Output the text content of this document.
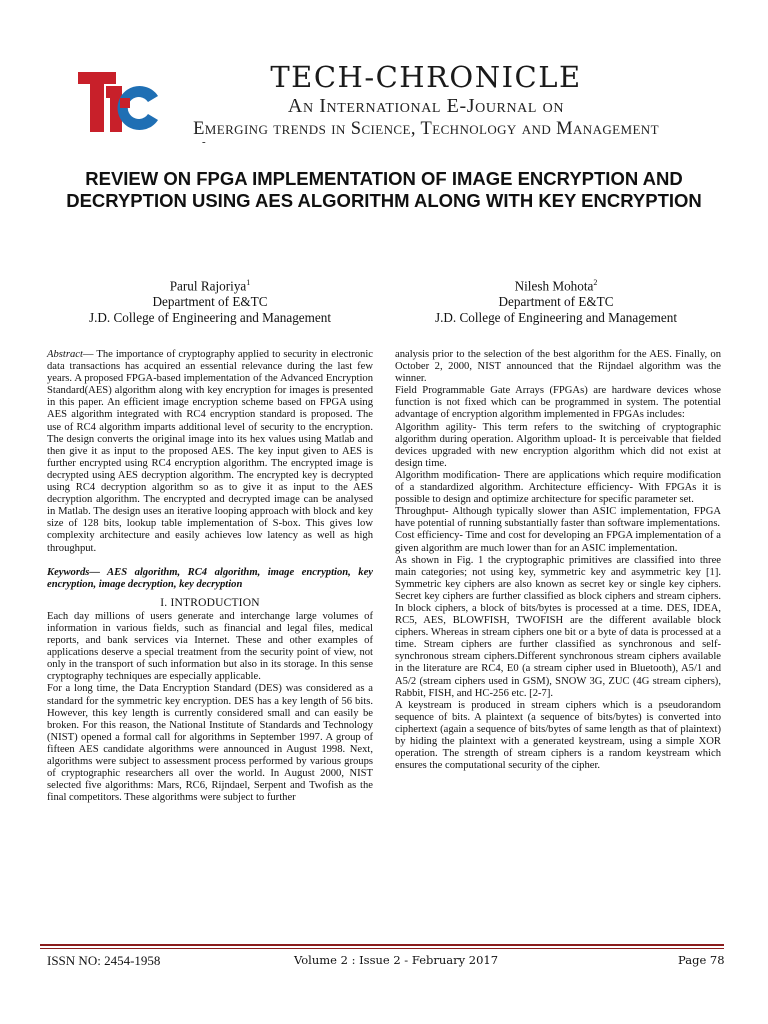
TECH-CHRONICLE
An International E-Journal on
Emerging trends in Science, Technology and Management
-
REVIEW ON FPGA IMPLEMENTATION OF IMAGE ENCRYPTION AND DECRYPTION USING AES ALGORITHM ALONG WITH KEY ENCRYPTION
Parul Rajoriya$^1$
Department of E&TC
J.D. College of Engineering and Management
Nilesh Mohota$^2$
Department of E&TC
J.D. College of Engineering and Management

Abstract— The importance of cryptography applied to security in electronic data transactions has acquired an essential relevance during the last few years. A proposed FPGA-based implementation of the Advanced Encryption Standard(AES) algorithm along with key encryption for images is presented in this paper. An efficient image encryption scheme based on FPGA using AES algorithm integrated with RC4 encryption standard is proposed. The use of RC4 algorithm imparts additional level of security to the encryption. The design converts the original image into its hex values using Matlab and then give it as input to the proposed AES. The key input given to AES is further encrypted using RC4 encryption algorithm. The encrypted image is decrypted using AES decryption algorithm. The encrypted key is decrypted using RC4 decryption algorithm so as to give it as input to the AES decryption algorithm. The encrypted and decrypted image can be analysed in Matlab. The design uses an iterative looping approach with block and key size of 128 bits, lookup table implementation of S-box. This gives low complexity architecture and easily achieves low latency as well as high throughput.

Keywords— AES algorithm, RC4 algorithm, image encryption, key encryption, image decryption, key decryption

I. INTRODUCTION

Each day millions of users generate and interchange large volumes of information in various fields, such as financial and legal files, medical reports, and bank services via Internet. These and other examples of applications deserve a special treatment from the security point of view, not only in the transport of such information but also in its storage. In this sense cryptography techniques are especially applicable.

For a long time, the Data Encryption Standard (DES) was considered as a standard for the symmetric key encryption. DES has a key length of 56 bits. However, this key length is currently considered small and can easily be broken. For this reason, the National Institute of Standards and Technology (NIST) opened a formal call for algorithms in September 1997. A group of fifteen AES candidate algorithms were announced in August 1998. Next, algorithms were subject to assessment process performed by various groups of cryptographic researchers all over the world. In August 2000, NIST selected five algorithms: Mars, RC6, Rijndael, Serpent and Twofish as the final competitors. These algorithms were subject to further

analysis prior to the selection of the best algorithm for the AES. Finally, on October 2, 2000, NIST announced that the Rijndael algorithm was the winner.

Field Programmable Gate Arrays (FPGAs) are hardware devices whose function is not fixed which can be programmed in system. The potential advantage of encryption algorithm implemented in FPGAs includes:

Algorithm agility- This term refers to the switching of cryptographic algorithm during operation. Algorithm upload- It is perceivable that fielded devices upgraded with new encryption algorithm which did not exist at design time.

Algorithm modification- There are applications which require modification of a standardized algorithm. Architecture efficiency- With FPGAs it is possible to design and optimize architecture for specific parameter set.

Throughput- Although typically slower than ASIC implementation, FPGA have potential of running substantially faster than software implementations.

Cost efficiency- Time and cost for developing an FPGA implementation of a given algorithm are much lower than for an ASIC implementation.

As shown in Fig. 1 the cryptographic primitives are classified into three main categories; not using key, symmetric key and asymmetric key [1]. Symmetric key ciphers are also known as secret key or single key ciphers. Secret key ciphers are further classified as block ciphers and stream ciphers. In block ciphers, a block of bits/bytes is processed at a time. DES, IDEA, RC5, AES, BLOWFISH, TWOFISH are the different available block ciphers. Whereas in stream ciphers one bit or a byte of data is processed at a time. Stream ciphers are further classified as synchronous and self-synchronous stream ciphers.Different synchronous stream ciphers available in the literature are RC4, E0 (a stream cipher used in Bluetooth), A5/1 and A5/2 (stream ciphers used in GSM), SNOW 3G, ZUC (4G stream ciphers), Rabbit, FISH, and HC-256 etc. [2-7].

A keystream is produced in stream ciphers which is a pseudorandom sequence of bits. A plaintext (a sequence of bits/bytes) is converted into ciphertext (again a sequence of bits/bytes of same length as that of plaintext) by hiding the plaintext with a generated keystream, using a simple XOR operation. The strength of stream ciphers is a random keystream which ensures the computational security of the cipher.

ISSN NO: 2454-1958	Volume 2 : Issue 2 - February 2017	Page 78
